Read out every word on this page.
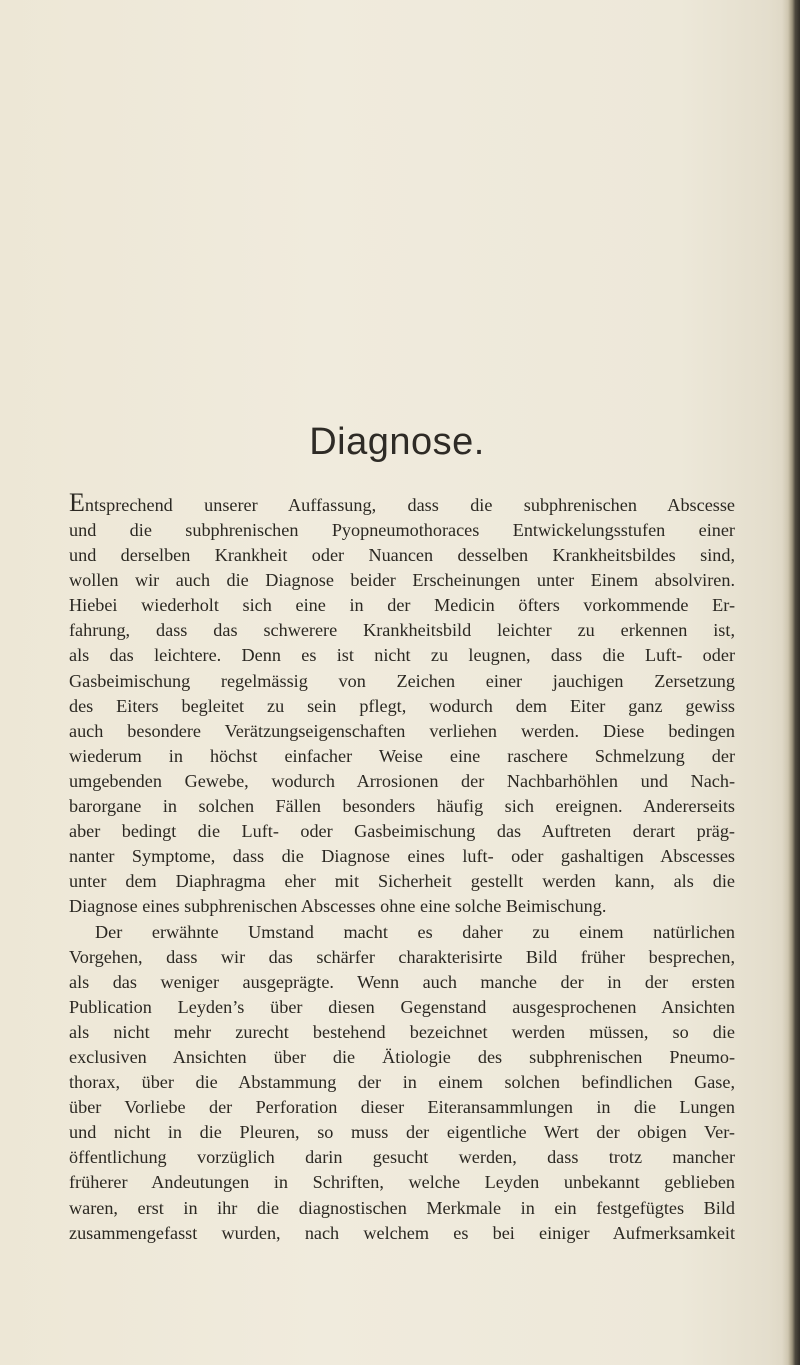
Diagnose.
Entsprechend unserer Auffassung, dass die subphrenischen Abscesse
und die subphrenischen Pyopneumothoraces Entwickelungsstufen einer
und derselben Krankheit oder Nuancen desselben Krankheitsbildes sind,
wollen wir auch die Diagnose beider Erscheinungen unter Einem absolviren.
Hiebei wiederholt sich eine in der Medicin öfters vorkommende Er-
fahrung, dass das schwerere Krankheitsbild leichter zu erkennen ist,
als das leichtere. Denn es ist nicht zu leugnen, dass die Luft- oder
Gasbeimischung regelmässig von Zeichen einer jauchigen Zersetzung
des Eiters begleitet zu sein pflegt, wodurch dem Eiter ganz gewiss
auch besondere Verätzungseigenschaften verliehen werden. Diese bedingen
wiederum in höchst einfacher Weise eine raschere Schmelzung der
umgebenden Gewebe, wodurch Arrosionen der Nachbarhöhlen und Nach-
barorgane in solchen Fällen besonders häufig sich ereignen. Andererseits
aber bedingt die Luft- oder Gasbeimischung das Auftreten derart präg-
nanter Symptome, dass die Diagnose eines luft- oder gashaltigen Abscesses
unter dem Diaphragma eher mit Sicherheit gestellt werden kann, als die
Diagnose eines subphrenischen Abscesses ohne eine solche Beimischung.
Der erwähnte Umstand macht es daher zu einem natürlichen
Vorgehen, dass wir das schärfer charakterisirte Bild früher besprechen,
als das weniger ausgeprägte. Wenn auch manche der in der ersten
Publication Leyden’s über diesen Gegenstand ausgesprochenen Ansichten
als nicht mehr zurecht bestehend bezeichnet werden müssen, so die
exclusiven Ansichten über die Ätiologie des subphrenischen Pneumo-
thorax, über die Abstammung der in einem solchen befindlichen Gase,
über Vorliebe der Perforation dieser Eiteransammlungen in die Lungen
und nicht in die Pleuren, so muss der eigentliche Wert der obigen Ver-
öffentlichung vorzüglich darin gesucht werden, dass trotz mancher
früherer Andeutungen in Schriften, welche Leyden unbekannt geblieben
waren, erst in ihr die diagnostischen Merkmale in ein festgefügtes Bild
zusammengefasst wurden, nach welchem es bei einiger Aufmerksamkeit
